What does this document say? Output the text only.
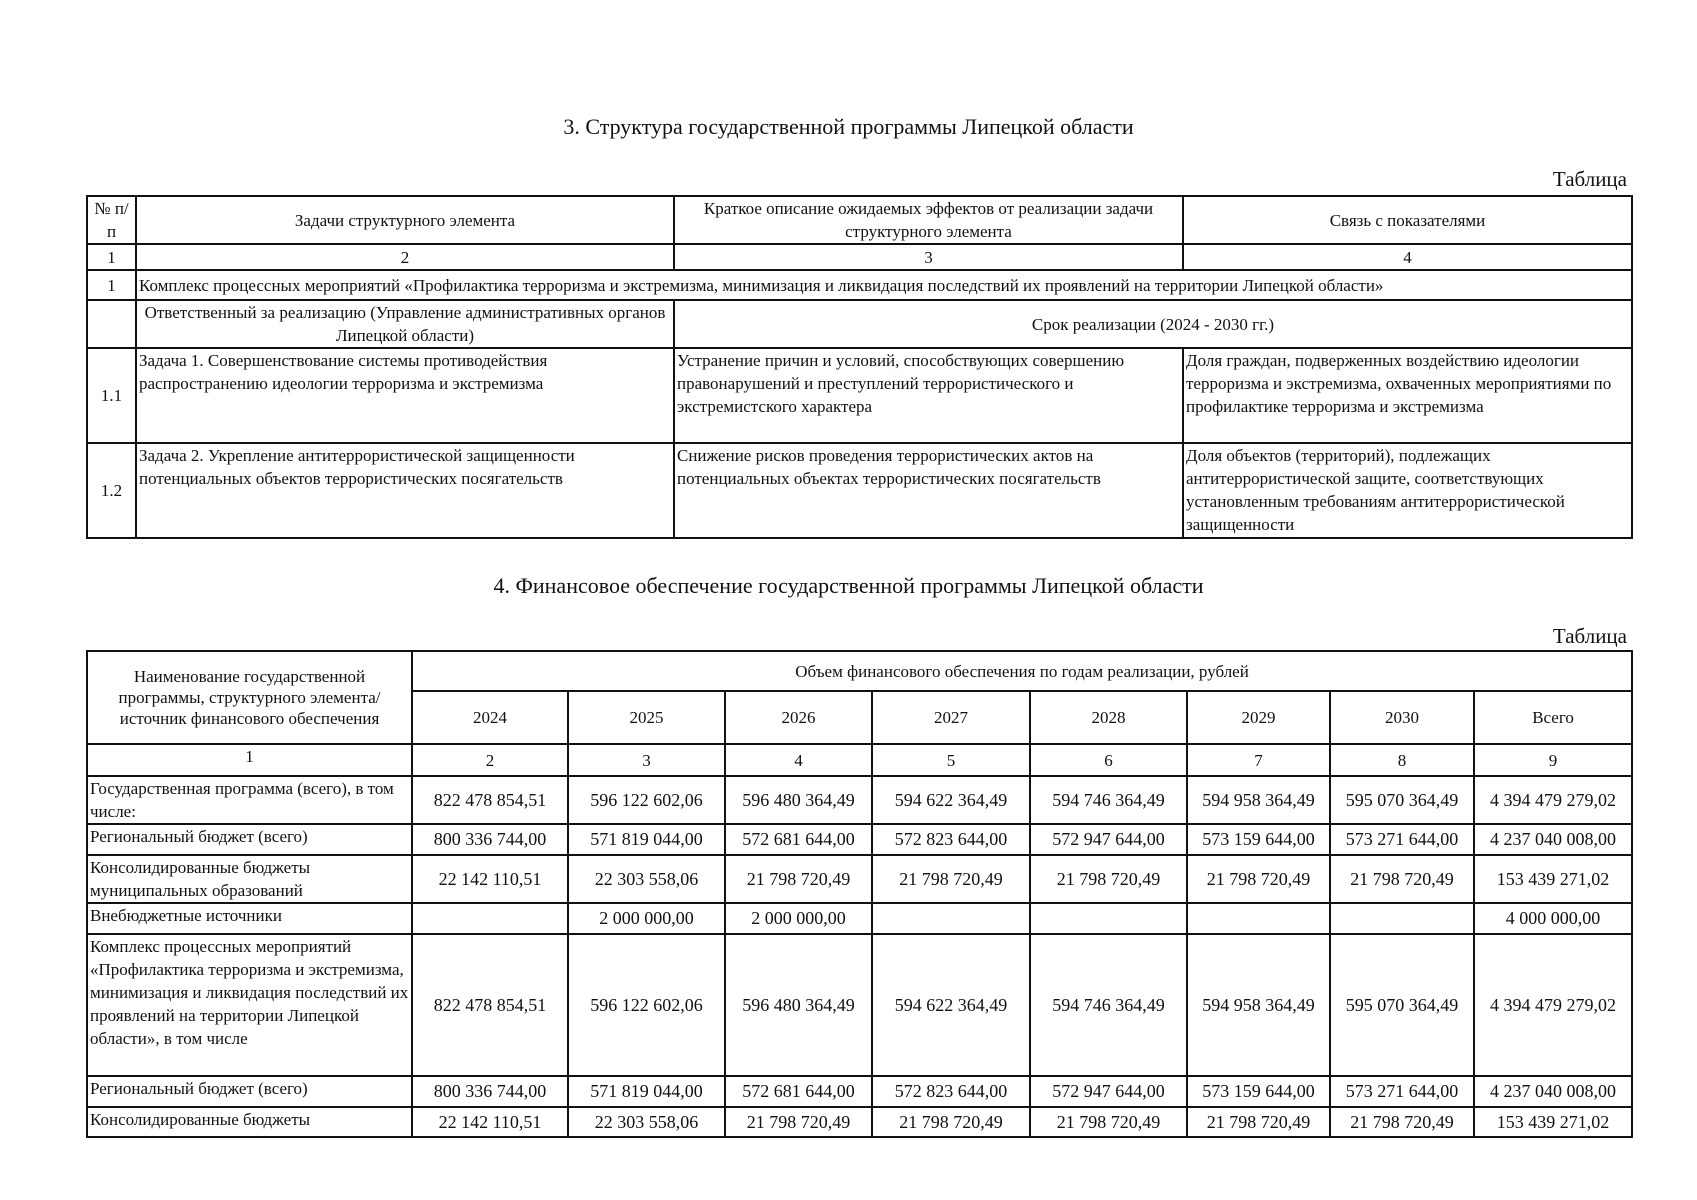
3. Структура государственной программы Липецкой области
Таблица
№ п/п	Задачи структурного элемента	Краткое описание ожидаемых эффектов от реализации задачи структурного элемента	Связь с показателями
1	2	3	4
1	Комплекс процессных мероприятий «Профилактика терроризма и экстремизма, минимизация и ликвидация последствий их проявлений на территории Липецкой области»		
	Ответственный за реализацию (Управление административных органов Липецкой области)	Срок реализации (2024 - 2030 гг.)	
1.1	Задача 1. Совершенствование системы противодействия распространению идеологии терроризма и экстремизма	Устранение причин и условий, способствующих совершению правонарушений и преступлений террористического и экстремистского характера	Доля граждан, подверженных воздействию идеологии терроризма и экстремизма, охваченных мероприятиями по профилактике терроризма и экстремизма
1.2	Задача 2. Укрепление антитеррористической защищенности потенциальных объектов террористических посягательств	Снижение рисков проведения террористических актов на потенциальных объектах террористических посягательств	Доля объектов (территорий), подлежащих антитеррористической защите, соответствующих установленным требованиям антитеррористической защищенности
4. Финансовое обеспечение государственной программы Липецкой области
Таблица
Наименование государственной программы, структурного элемента/источник финансового обеспечения	Объем финансового обеспечения по годам реализации, рублей							
	2024	2025	2026	2027	2028	2029	2030	Всего
1	2	3	4	5	6	7	8	9
Государственная программа (всего), в том числе:	822 478 854,51	596 122 602,06	596 480 364,49	594 622 364,49	594 746 364,49	594 958 364,49	595 070 364,49	4 394 479 279,02
Региональный бюджет (всего)	800 336 744,00	571 819 044,00	572 681 644,00	572 823 644,00	572 947 644,00	573 159 644,00	573 271 644,00	4 237 040 008,00
Консолидированные бюджеты муниципальных образований	22 142 110,51	22 303 558,06	21 798 720,49	21 798 720,49	21 798 720,49	21 798 720,49	21 798 720,49	153 439 271,02
Внебюджетные источники		2 000 000,00	2 000 000,00					4 000 000,00
Комплекс процессных мероприятий «Профилактика терроризма и экстремизма, минимизация и ликвидация последствий их проявлений на территории Липецкой области», в том числе	822 478 854,51	596 122 602,06	596 480 364,49	594 622 364,49	594 746 364,49	594 958 364,49	595 070 364,49	4 394 479 279,02
Региональный бюджет (всего)	800 336 744,00	571 819 044,00	572 681 644,00	572 823 644,00	572 947 644,00	573 159 644,00	573 271 644,00	4 237 040 008,00
Консолидированные бюджеты	22 142 110,51	22 303 558,06	21 798 720,49	21 798 720,49	21 798 720,49	21 798 720,49	21 798 720,49	153 439 271,02
